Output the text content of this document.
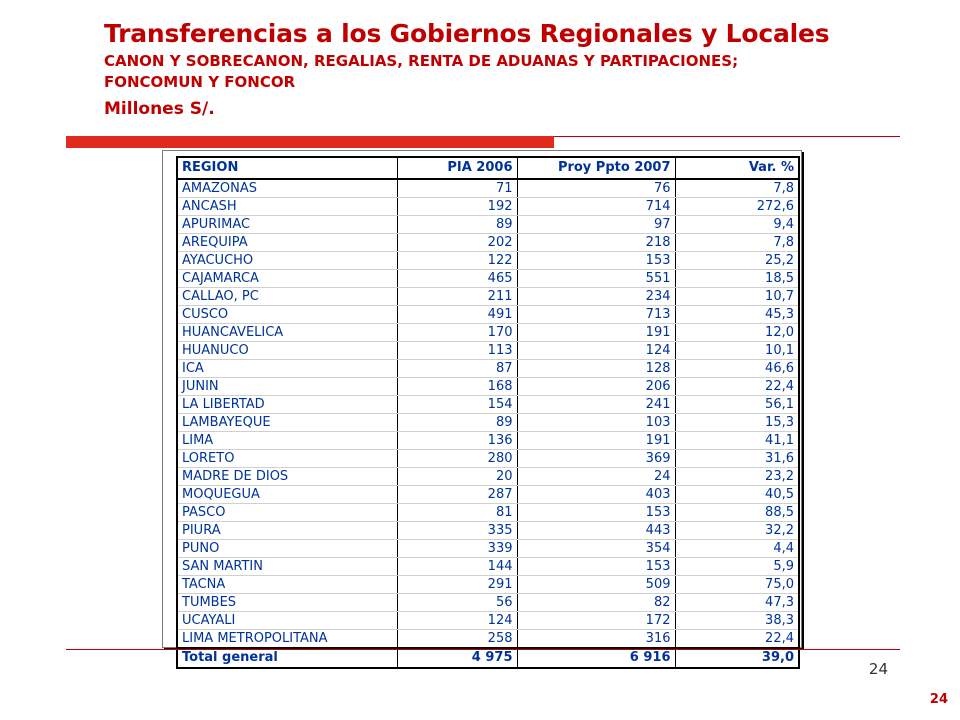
Transferencias a los Gobiernos Regionales y Locales
CANON Y SOBRECANON, REGALIAS, RENTA DE ADUANAS Y PARTIPACIONES;
FONCOMUN Y FONCOR
Millones S/.
REGION	PIA 2006	Proy Ppto 2007	Var. %
AMAZONAS	71	76	7,8
ANCASH	192	714	272,6
APURIMAC	89	97	9,4
AREQUIPA	202	218	7,8
AYACUCHO	122	153	25,2
CAJAMARCA	465	551	18,5
CALLAO, PC	211	234	10,7
CUSCO	491	713	45,3
HUANCAVELICA	170	191	12,0
HUANUCO	113	124	10,1
ICA	87	128	46,6
JUNIN	168	206	22,4
LA LIBERTAD	154	241	56,1
LAMBAYEQUE	89	103	15,3
LIMA	136	191	41,1
LORETO	280	369	31,6
MADRE DE DIOS	20	24	23,2
MOQUEGUA	287	403	40,5
PASCO	81	153	88,5
PIURA	335	443	32,2
PUNO	339	354	4,4
SAN MARTIN	144	153	5,9
TACNA	291	509	75,0
TUMBES	56	82	47,3
UCAYALI	124	172	38,3
LIMA METROPOLITANA	258	316	22,4
Total general	4 975	6 916	39,0
24
24
